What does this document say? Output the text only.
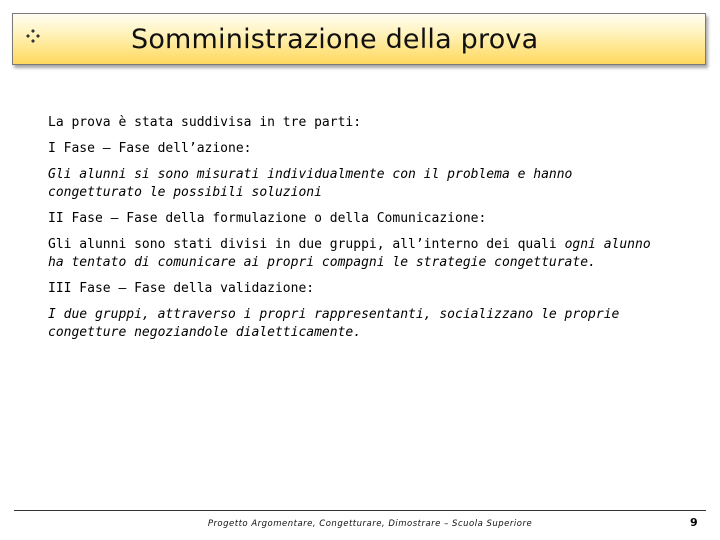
Somministrazione della prova

La prova è stata suddivisa in tre parti:

I Fase – Fase dell’azione:

Gli alunni si sono misurati individualmente con il problema e hanno congetturato le possibili soluzioni

II Fase – Fase della formulazione o della Comunicazione:

Gli alunni sono stati divisi in due gruppi, all’interno dei quali ogni alunno ha tentato di comunicare ai propri compagni le strategie congetturate.

III Fase – Fase della validazione:

I due gruppi, attraverso i propri rappresentanti, socializzano le proprie congetture negoziandole dialetticamente.

Progetto Argomentare, Congetturare, Dimostrare – Scuola Superiore	9
